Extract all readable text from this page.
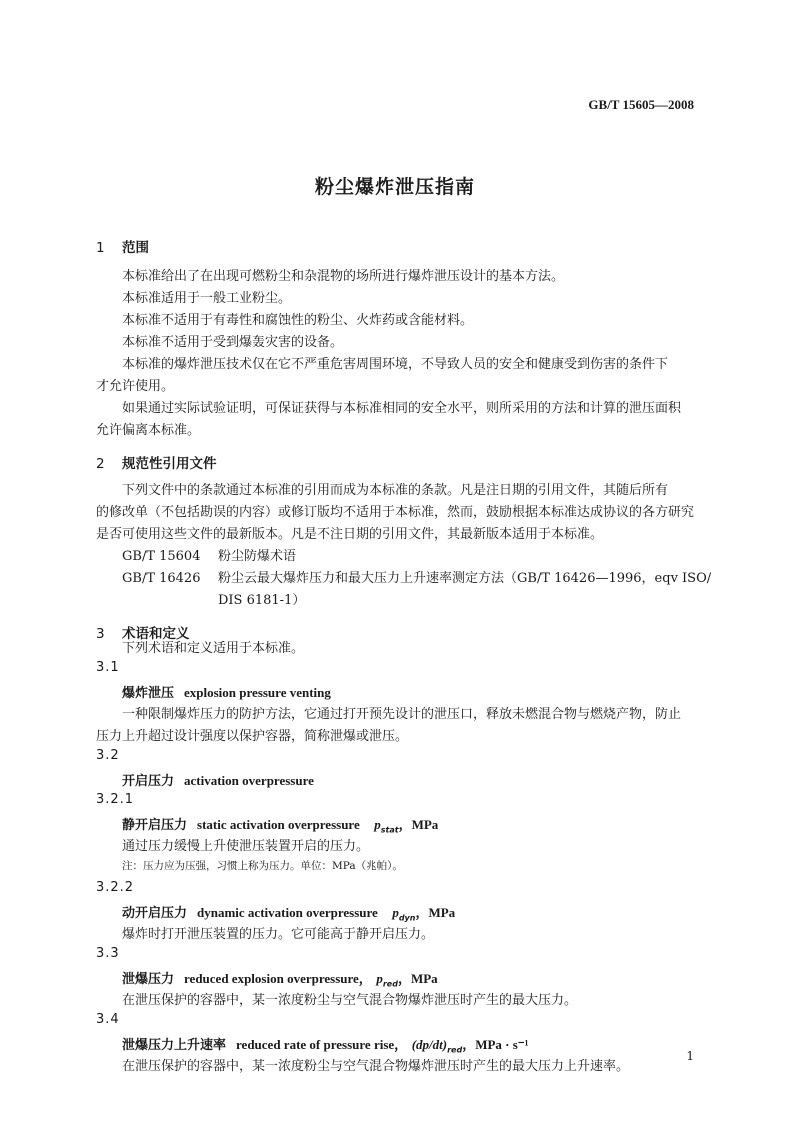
GB/T 15605—2008
粉尘爆炸泄压指南
1 范围
本标准给出了在出现可燃粉尘和杂混物的场所进行爆炸泄压设计的基本方法。
本标准适用于一般工业粉尘。
本标准不适用于有毒性和腐蚀性的粉尘、火炸药或含能材料。
本标准不适用于受到爆轰灾害的设备。
本标准的爆炸泄压技术仅在它不严重危害周围环境，不导致人员的安全和健康受到伤害的条件下
才允许使用。
如果通过实际试验证明，可保证获得与本标准相同的安全水平，则所采用的方法和计算的泄压面积
允许偏离本标准。
2 规范性引用文件
下列文件中的条款通过本标准的引用而成为本标准的条款。凡是注日期的引用文件，其随后所有
的修改单（不包括勘误的内容）或修订版均不适用于本标准，然而，鼓励根据本标准达成协议的各方研究
是否可使用这些文件的最新版本。凡是不注日期的引用文件，其最新版本适用于本标准。
GB/T 15604 粉尘防爆术语
GB/T 16426 粉尘云最大爆炸压力和最大压力上升速率测定方法（GB/T 16426—1996，eqv ISO/
DIS 6181-1）
3 术语和定义
下列术语和定义适用于本标准。
3.1
爆炸泄压 explosion pressure venting
一种限制爆炸压力的防护方法，它通过打开预先设计的泄压口，释放未燃混合物与燃烧产物，防止
压力上升超过设计强度以保护容器，简称泄爆或泄压。
3.2
开启压力 activation overpressure
3.2.1
静开启压力 static activation overpressure $p_{stat}$，MPa
通过压力缓慢上升使泄压装置开启的压力。
注：压力应为压强，习惯上称为压力。单位：MPa（兆帕）。
3.2.2
动开启压力 dynamic activation overpressure $p_{dyn}$，MPa
爆炸时打开泄压装置的压力。它可能高于静开启压力。
3.3
泄爆压力 reduced explosion overpressure， $p_{red}$，MPa
在泄压保护的容器中，某一浓度粉尘与空气混合物爆炸泄压时产生的最大压力。
3.4
泄爆压力上升速率 reduced rate of pressure rise， $(dp/dt)_{red}$，MPa · s⁻¹
在泄压保护的容器中，某一浓度粉尘与空气混合物爆炸泄压时产生的最大压力上升速率。
1
